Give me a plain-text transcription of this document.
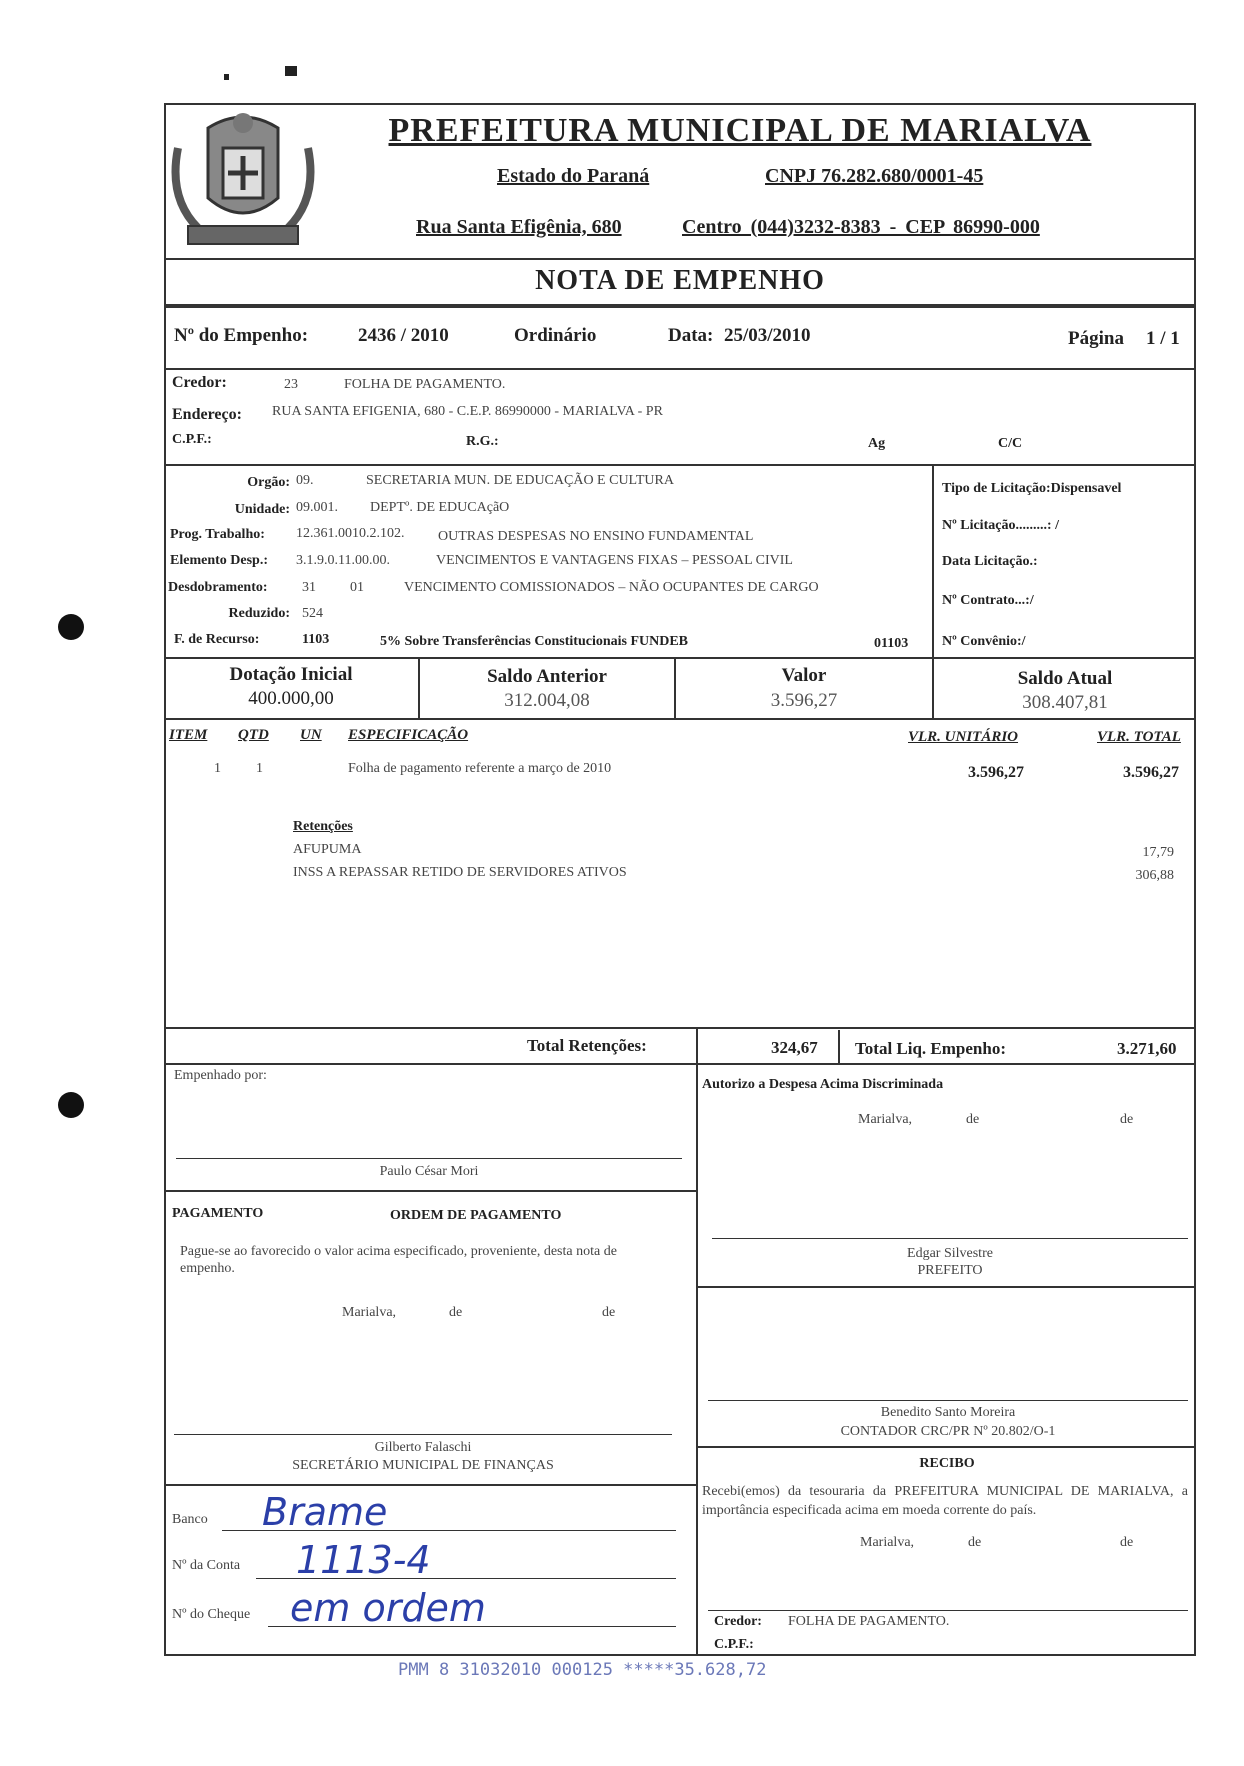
PREFEITURA MUNICIPAL DE MARIALVA
Estado do Paraná	CNPJ 76.282.680/0001-45
Rua Santa Efigênia, 680	Centro (044)3232-8383 - CEP 86990-000
NOTA DE EMPENHO
Nº do Empenho:	2436 / 2010	Ordinário	Data: 25/03/2010	Página 1 / 1
Credor:	23	FOLHA DE PAGAMENTO.
Endereço: RUA SANTA EFIGENIA, 680 - C.E.P. 86990000 - MARIALVA - PR
C.P.F.:	R.G.:	Ag	C/C
Orgão: 09.	SECRETARIA MUN. DE EDUCAÇÃO E CULTURA
Unidade: 09.001. DEPTº. DE EDUCAçãO
Prog. Trabalho: 12.361.0010.2.102. OUTRAS DESPESAS NO ENSINO FUNDAMENTAL
Elemento Desp.: 3.1.9.0.11.00.00.	VENCIMENTOS E VANTAGENS FIXAS – PESSOAL CIVIL
Desdobramento: 31 01	VENCIMENTO COMISSIONADOS – NÃO OCUPANTES DE CARGO
Reduzido: 524
F. de Recurso:	1103	5% Sobre Transferências Constitucionais FUNDEB	01103
Tipo de Licitação:Dispensavel
Nº Licitação.........: /
Data Licitação.:
Nº Contrato...:/
Nº Convênio:/
Dotação Inicial
400.000,00
Saldo Anterior
312.004,08
Valor
3.596,27
Saldo Atual
308.407,81
ITEM QTD UN ESPECIFICAÇÃO	VLR. UNITÁRIO	VLR. TOTAL
1	1	Folha de pagamento referente a março de 2010	3.596,27	3.596,27
Retenções
AFUPUMA	17,79
INSS A REPASSAR RETIDO DE SERVIDORES ATIVOS	306,88
Total Retenções:	324,67 Total Liq. Empenho:	3.271,60
Empenhado por:
Paulo César Mori
Autorizo a Despesa Acima Discriminada
Marialva,	de	de
Edgar Silvestre
PREFEITO
Benedito Santo Moreira
CONTADOR CRC/PR Nº 20.802/O-1
PAGAMENTO	ORDEM DE PAGAMENTO
Pague-se ao favorecido o valor acima especificado, proveniente, desta nota de empenho.
Marialva,	de	de
Gilberto Falaschi
SECRETÁRIO MUNICIPAL DE FINANÇAS
Banco Brame
Nº da Conta 1113-4
Nº do Cheque em ordem
RECIBO
Recebi(emos) da tesouraria da PREFEITURA MUNICIPAL DE MARIALVA, a importância especificada acima em moeda corrente do país.
Marialva,	de	de
Credor: FOLHA DE PAGAMENTO.
C.P.F.:
PMM 8 31032010 000125 *****35.628,72
